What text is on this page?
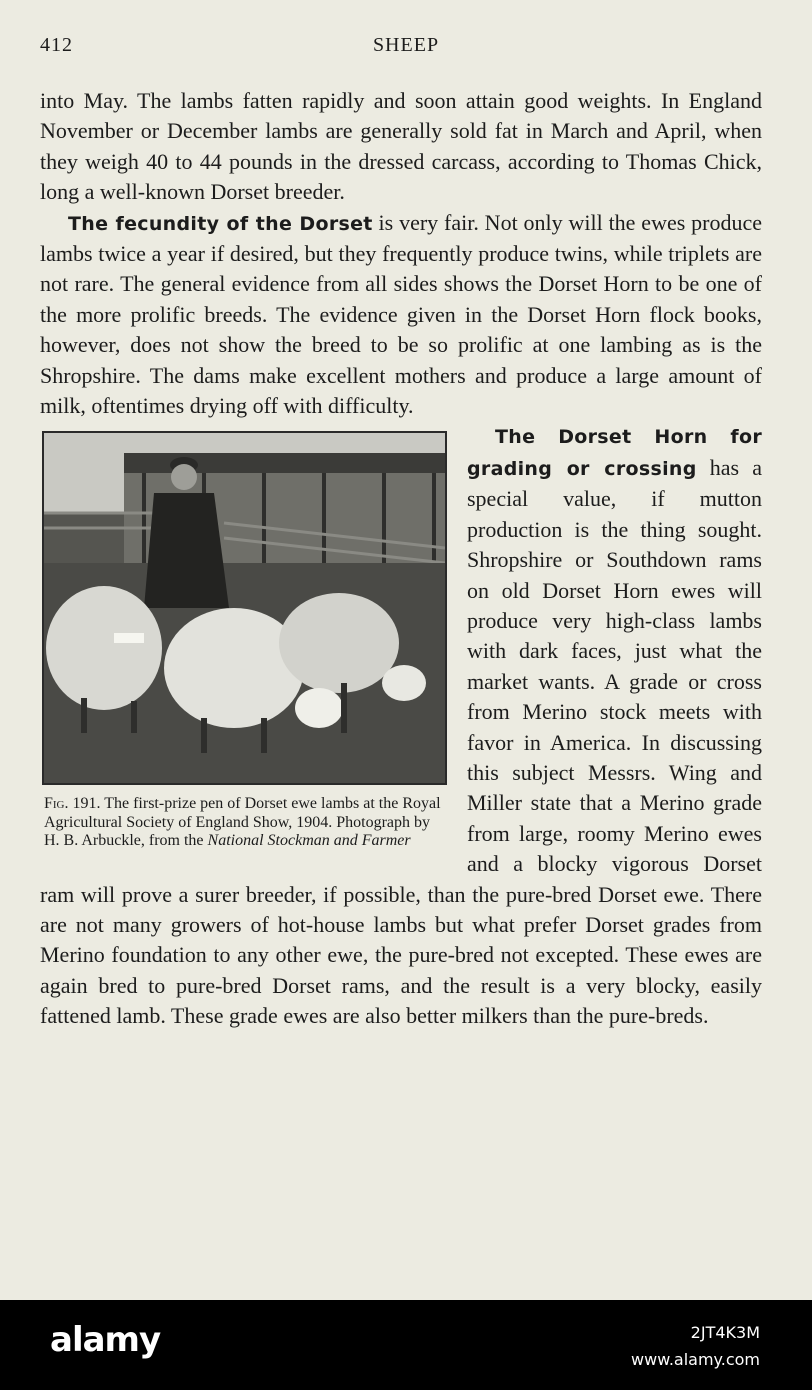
412	SHEEP

into May. The lambs fatten rapidly and soon attain good weights. In England November or December lambs are generally sold fat in March and April, when they weigh 40 to 44 pounds in the dressed carcass, according to Thomas Chick, long a well-known Dorset breeder.

The fecundity of the Dorset is very fair. Not only will the ewes produce lambs twice a year if desired, but they frequently produce twins, while triplets are not rare. The general evidence from all sides shows the Dorset Horn to be one of the more prolific breeds. The evidence given in the Dorset Horn flock books, however, does not show the breed to be so prolific at one lambing as is the Shropshire. The dams make excellent mothers and produce a large amount of milk, oftentimes drying off with difficulty.

Fig. 191. The first-prize pen of Dorset ewe lambs at the Royal Agricultural Society of England Show, 1904. Photograph by H. B. Arbuckle, from the National Stockman and Farmer

The Dorset Horn for grading or crossing has a special value, if mutton production is the thing sought. Shropshire or Southdown rams on old Dorset Horn ewes will produce very high-class lambs with dark faces, just what the market wants. A grade or cross from Merino stock meets with favor in America. In discussing this subject Messrs. Wing and Miller state that a Merino grade from large, roomy Merino ewes and a blocky vigorous Dorset ram will prove a surer breeder, if possible, than the pure-bred Dorset ewe. There are not many growers of hot-house lambs but what prefer Dorset grades from Merino foundation to any other ewe, the pure-bred not excepted. These ewes are again bred to pure-bred Dorset rams, and the result is a very blocky, easily fattened lamb. These grade ewes are also better milkers than the pure-breds.

alamy	2JT4K3M
www.alamy.com
